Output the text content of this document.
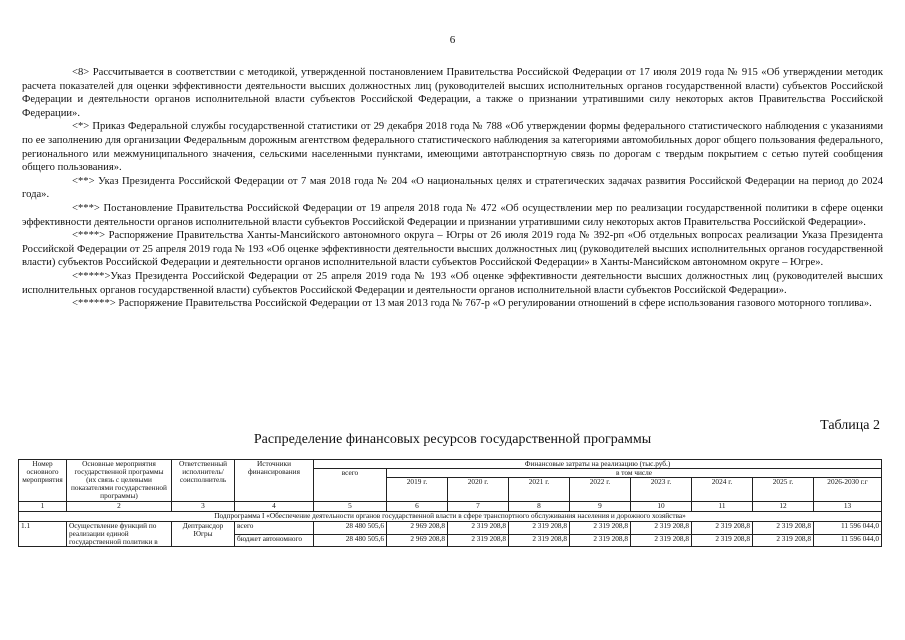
6

<8> Рассчитывается в соответствии с методикой, утвержденной постановлением Правительства Российской Федерации от 17 июля 2019 года № 915 «Об утверждении методик расчета показателей для оценки эффективности деятельности высших должностных лиц (руководителей высших исполнительных органов государственной власти) субъектов Российской Федерации и деятельности органов исполнительной власти субъектов Российской Федерации, а также о признании утратившими силу некоторых актов Правительства Российской Федерации».

<*> Приказ Федеральной службы государственной статистики от 29 декабря 2018 года № 788 «Об утверждении формы федерального статистического наблюдения с указаниями по ее заполнению для организации Федеральным дорожным агентством федерального статистического наблюдения за категориями автомобильных дорог общего пользования федерального, регионального или межмуниципального значения, сельскими населенными пунктами, имеющими автотранспортную связь по дорогам с твердым покрытием с сетью путей сообщения общего пользования».

<**> Указ Президента Российской Федерации от 7 мая 2018 года № 204 «О национальных целях и стратегических задачах развития Российской Федерации на период до 2024 года».

<***> Постановление Правительства Российской Федерации от 19 апреля 2018 года № 472 «Об осуществлении мер по реализации государственной политики в сфере оценки эффективности деятельности органов исполнительной власти субъектов Российской Федерации и признании утратившими силу некоторых актов Правительства Российской Федерации».

<****> Распоряжение Правительства Ханты-Мансийского автономного округа – Югры от 26 июля 2019 года № 392-рп «Об отдельных вопросах реализации Указа Президента Российской Федерации от 25 апреля 2019 года № 193 «Об оценке эффективности деятельности высших должностных лиц (руководителей высших исполнительных органов государственной власти) субъектов Российской Федерации и деятельности органов исполнительной власти субъектов Российской Федерации» в Ханты-Мансийском автономном округе – Югре».

<*****>Указ Президента Российской Федерации от 25 апреля 2019 года № 193 «Об оценке эффективности деятельности высших должностных лиц (руководителей высших исполнительных органов государственной власти) субъектов Российской Федерации и деятельности органов исполнительной власти субъектов Российской Федерации».

<******> Распоряжение Правительства Российской Федерации от 13 мая 2013 года № 767-р «О регулировании отношений в сфере использования газового моторного топлива».

Таблица 2
Распределение финансовых ресурсов государственной программы
Номер основного мероприятия	Основные мероприятия государственной программы (их связь с целевыми показателями государственной программы)	Ответственный исполнитель/ соисполнитель	Источники финансирования	Финансовые затраты на реализацию (тыс.руб.)								
				всего	в том числе							
					2019 г.	2020 г.	2021 г.	2022 г.	2023 г.	2024 г.	2025 г.	2026-2030 г.г
1	2	3	4	5	6	7	8	9	10	11	12	13
Подпрограмма I «Обеспечение деятельности органов государственной власти в сфере транспортного обслуживания населения и дорожного хозяйства»												
1.1	Осуществление функций по реализации единой государственной политики в	Дептрансдор Югры	всего	28 480 505,6	2 969 208,8	2 319 208,8	2 319 208,8	2 319 208,8	2 319 208,8	2 319 208,8	2 319 208,8	11 596 044,0
			бюджет автономного	28 480 505,6	2 969 208,8	2 319 208,8	2 319 208,8	2 319 208,8	2 319 208,8	2 319 208,8	2 319 208,8	11 596 044,0
